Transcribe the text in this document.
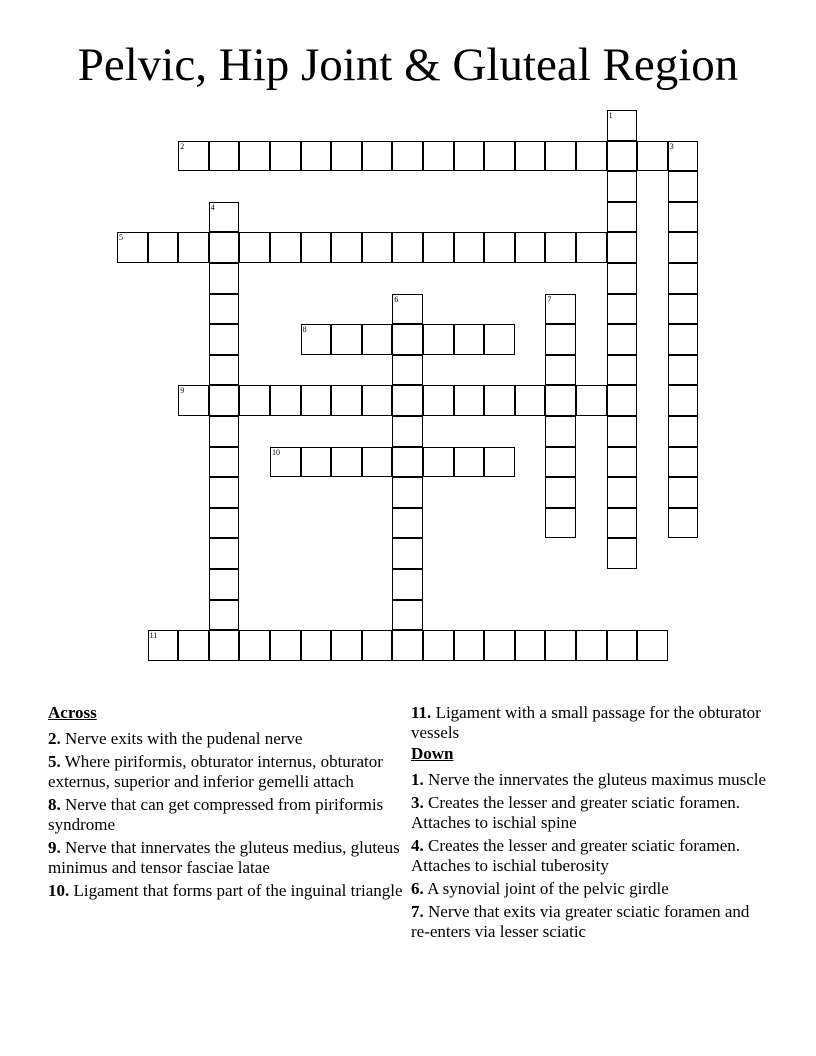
Pelvic, Hip Joint & Gluteal Region
1
2	3
4
5
6	7
8
9
10
11
Across
2. Nerve exits with the pudenal nerve
5. Where piriformis, obturator internus, obturator externus, superior and inferior gemelli attach
8. Nerve that can get compressed from piriformis syndrome
9. Nerve that innervates the gluteus medius, gluteus minimus and tensor fasciae latae
10. Ligament that forms part of the inguinal triangle
11. Ligament with a small passage for the obturator vessels
Down
1. Nerve the innervates the gluteus maximus muscle
3. Creates the lesser and greater sciatic foramen. Attaches to ischial spine
4. Creates the lesser and greater sciatic foramen. Attaches to ischial tuberosity
6. A synovial joint of the pelvic girdle
7. Nerve that exits via greater sciatic foramen and re-enters via lesser sciatic
